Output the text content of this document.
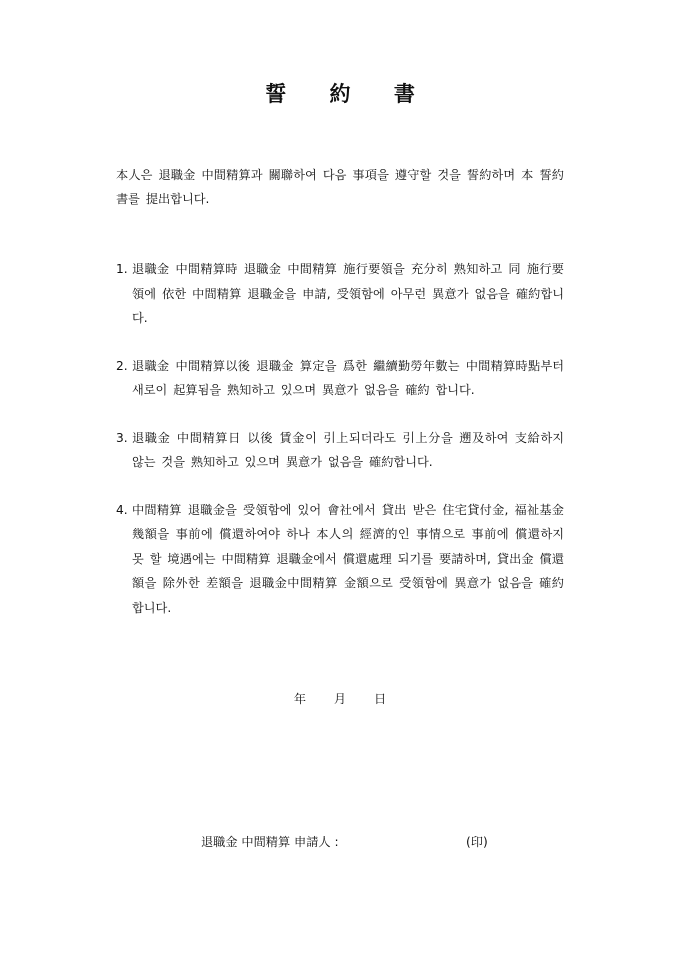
誓 約 書
本人은 退職金 中間精算과 關聯하여 다음 事項을 遵守할 것을 誓約하며 本 誓約書를 提出합니다.
1. 退職金 中間精算時 退職金 中間精算 施行要領을 充分히 熟知하고 同 施行要領에 依한 中間精算 退職金을 申請, 受領함에 아무런 異意가 없음을 確約합니다.
2. 退職金 中間精算以後 退職金 算定을 爲한 繼續勤勞年數는 中間精算時點부터 새로이 起算됨을 熟知하고 있으며 異意가 없음을 確約 합니다.
3. 退職金 中間精算日 以後 賃金이 引上되더라도 引上分을 遡及하여 支給하지 않는 것을 熟知하고 있으며 異意가 없음을 確約합니다.
4. 中間精算 退職金을 受領함에 있어 會社에서 貸出 받은 住宅貸付金, 福祉基金 幾額을 事前에 償還하여야 하나 本人의 經濟的인 事情으로 事前에 償還하지 못 할 境遇에는 中間精算 退職金에서 償還處理 되기를 要請하며, 貸出金 償還額을 除外한 差額을 退職金中間精算 金額으로 受領함에 異意가 없음을 確約합니다.
年 月 日
退職金 中間精算 申請人 :	(印)
